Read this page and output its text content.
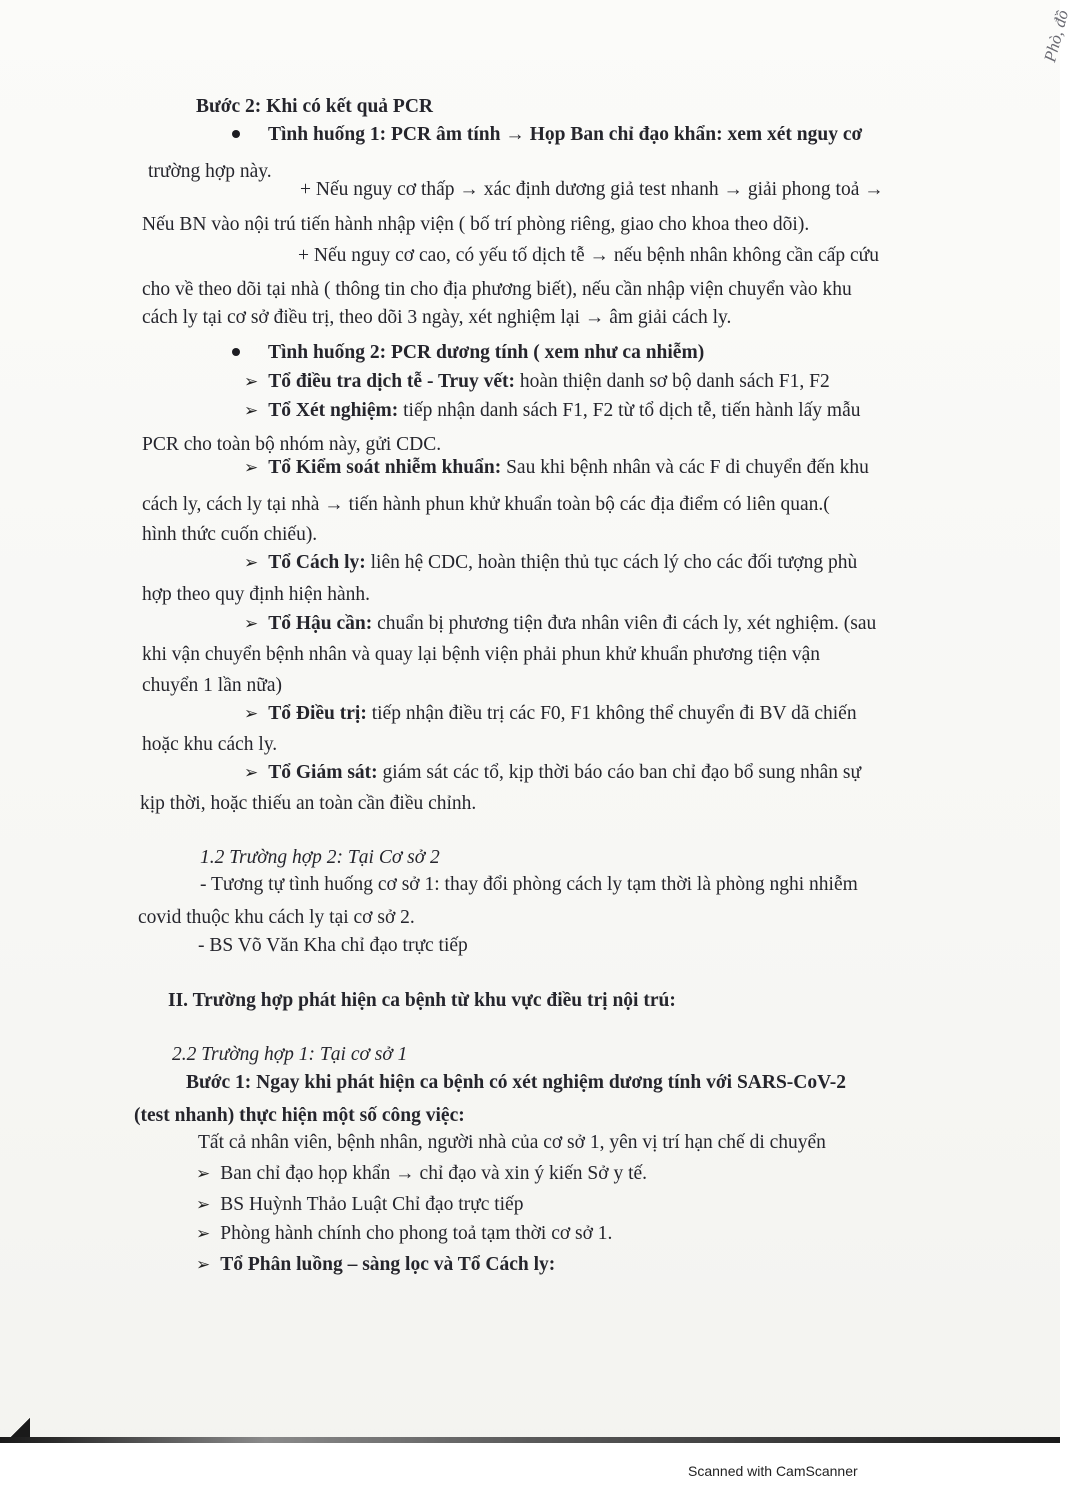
Phò, đồ
Bước 2: Khi có kết quả PCR
Tình huống 1: PCR âm tính → Họp Ban chỉ đạo khẩn: xem xét nguy cơ
trường hợp này.
+ Nếu nguy cơ thấp → xác định dương giả test nhanh → giải phong toả →
Nếu BN vào nội trú tiến hành nhập viện ( bố trí phòng riêng, giao cho khoa theo dõi).
+ Nếu nguy cơ cao, có yếu tố dịch tễ → nếu bệnh nhân không cần cấp cứu
cho về theo dõi tại nhà ( thông tin cho địa phương biết), nếu cần nhập viện chuyển vào khu
cách ly tại cơ sở điều trị, theo dõi 3 ngày, xét nghiệm lại → âm giải cách ly.
Tình huống 2: PCR dương tính ( xem như ca nhiễm)
➢ Tổ điều tra dịch tễ - Truy vết: hoàn thiện danh sơ bộ danh sách F1, F2
➢ Tổ Xét nghiệm: tiếp nhận danh sách F1, F2 từ tổ dịch tễ, tiến hành lấy mẫu
PCR cho toàn bộ nhóm này, gửi CDC.
➢ Tổ Kiểm soát nhiễm khuẩn: Sau khi bệnh nhân và các F di chuyển đến khu
cách ly, cách ly tại nhà → tiến hành phun khử khuẩn toàn bộ các địa điểm có liên quan.(
hình thức cuốn chiếu).
➢ Tổ Cách ly: liên hệ CDC, hoàn thiện thủ tục cách lý cho các đối tượng phù
hợp theo quy định hiện hành.
➢ Tổ Hậu cần: chuẩn bị phương tiện đưa nhân viên đi cách ly, xét nghiệm. (sau
khi vận chuyển bệnh nhân và quay lại bệnh viện phải phun khử khuẩn phương tiện vận
chuyển 1 lần nữa)
➢ Tổ Điều trị: tiếp nhận điều trị các F0, F1 không thể chuyển đi BV dã chiến
hoặc khu cách ly.
➢ Tổ Giám sát: giám sát các tổ, kịp thời báo cáo ban chỉ đạo bổ sung nhân sự
kịp thời, hoặc thiếu an toàn cần điều chỉnh.
1.2 Trường hợp 2: Tại Cơ sở 2
- Tương tự tình huống cơ sở 1: thay đổi phòng cách ly tạm thời là phòng nghi nhiễm
covid thuộc khu cách ly tại cơ sở 2.
- BS Võ Văn Kha chỉ đạo trực tiếp
II. Trường hợp phát hiện ca bệnh từ khu vực điều trị nội trú:
2.2 Trường hợp 1: Tại cơ sở 1
Bước 1: Ngay khi phát hiện ca bệnh có xét nghiệm dương tính với SARS-CoV-2
(test nhanh) thực hiện một số công việc:
Tất cả nhân viên, bệnh nhân, người nhà của cơ sở 1, yên vị trí hạn chế di chuyển
➢ Ban chỉ đạo họp khẩn → chỉ đạo và xin ý kiến Sở y tế.
➢ BS Huỳnh Thảo Luật Chỉ đạo trực tiếp
➢ Phòng hành chính cho phong toả tạm thời cơ sở 1.
➢ Tổ Phân luồng – sàng lọc và Tổ Cách ly:
Scanned with CamScanner
